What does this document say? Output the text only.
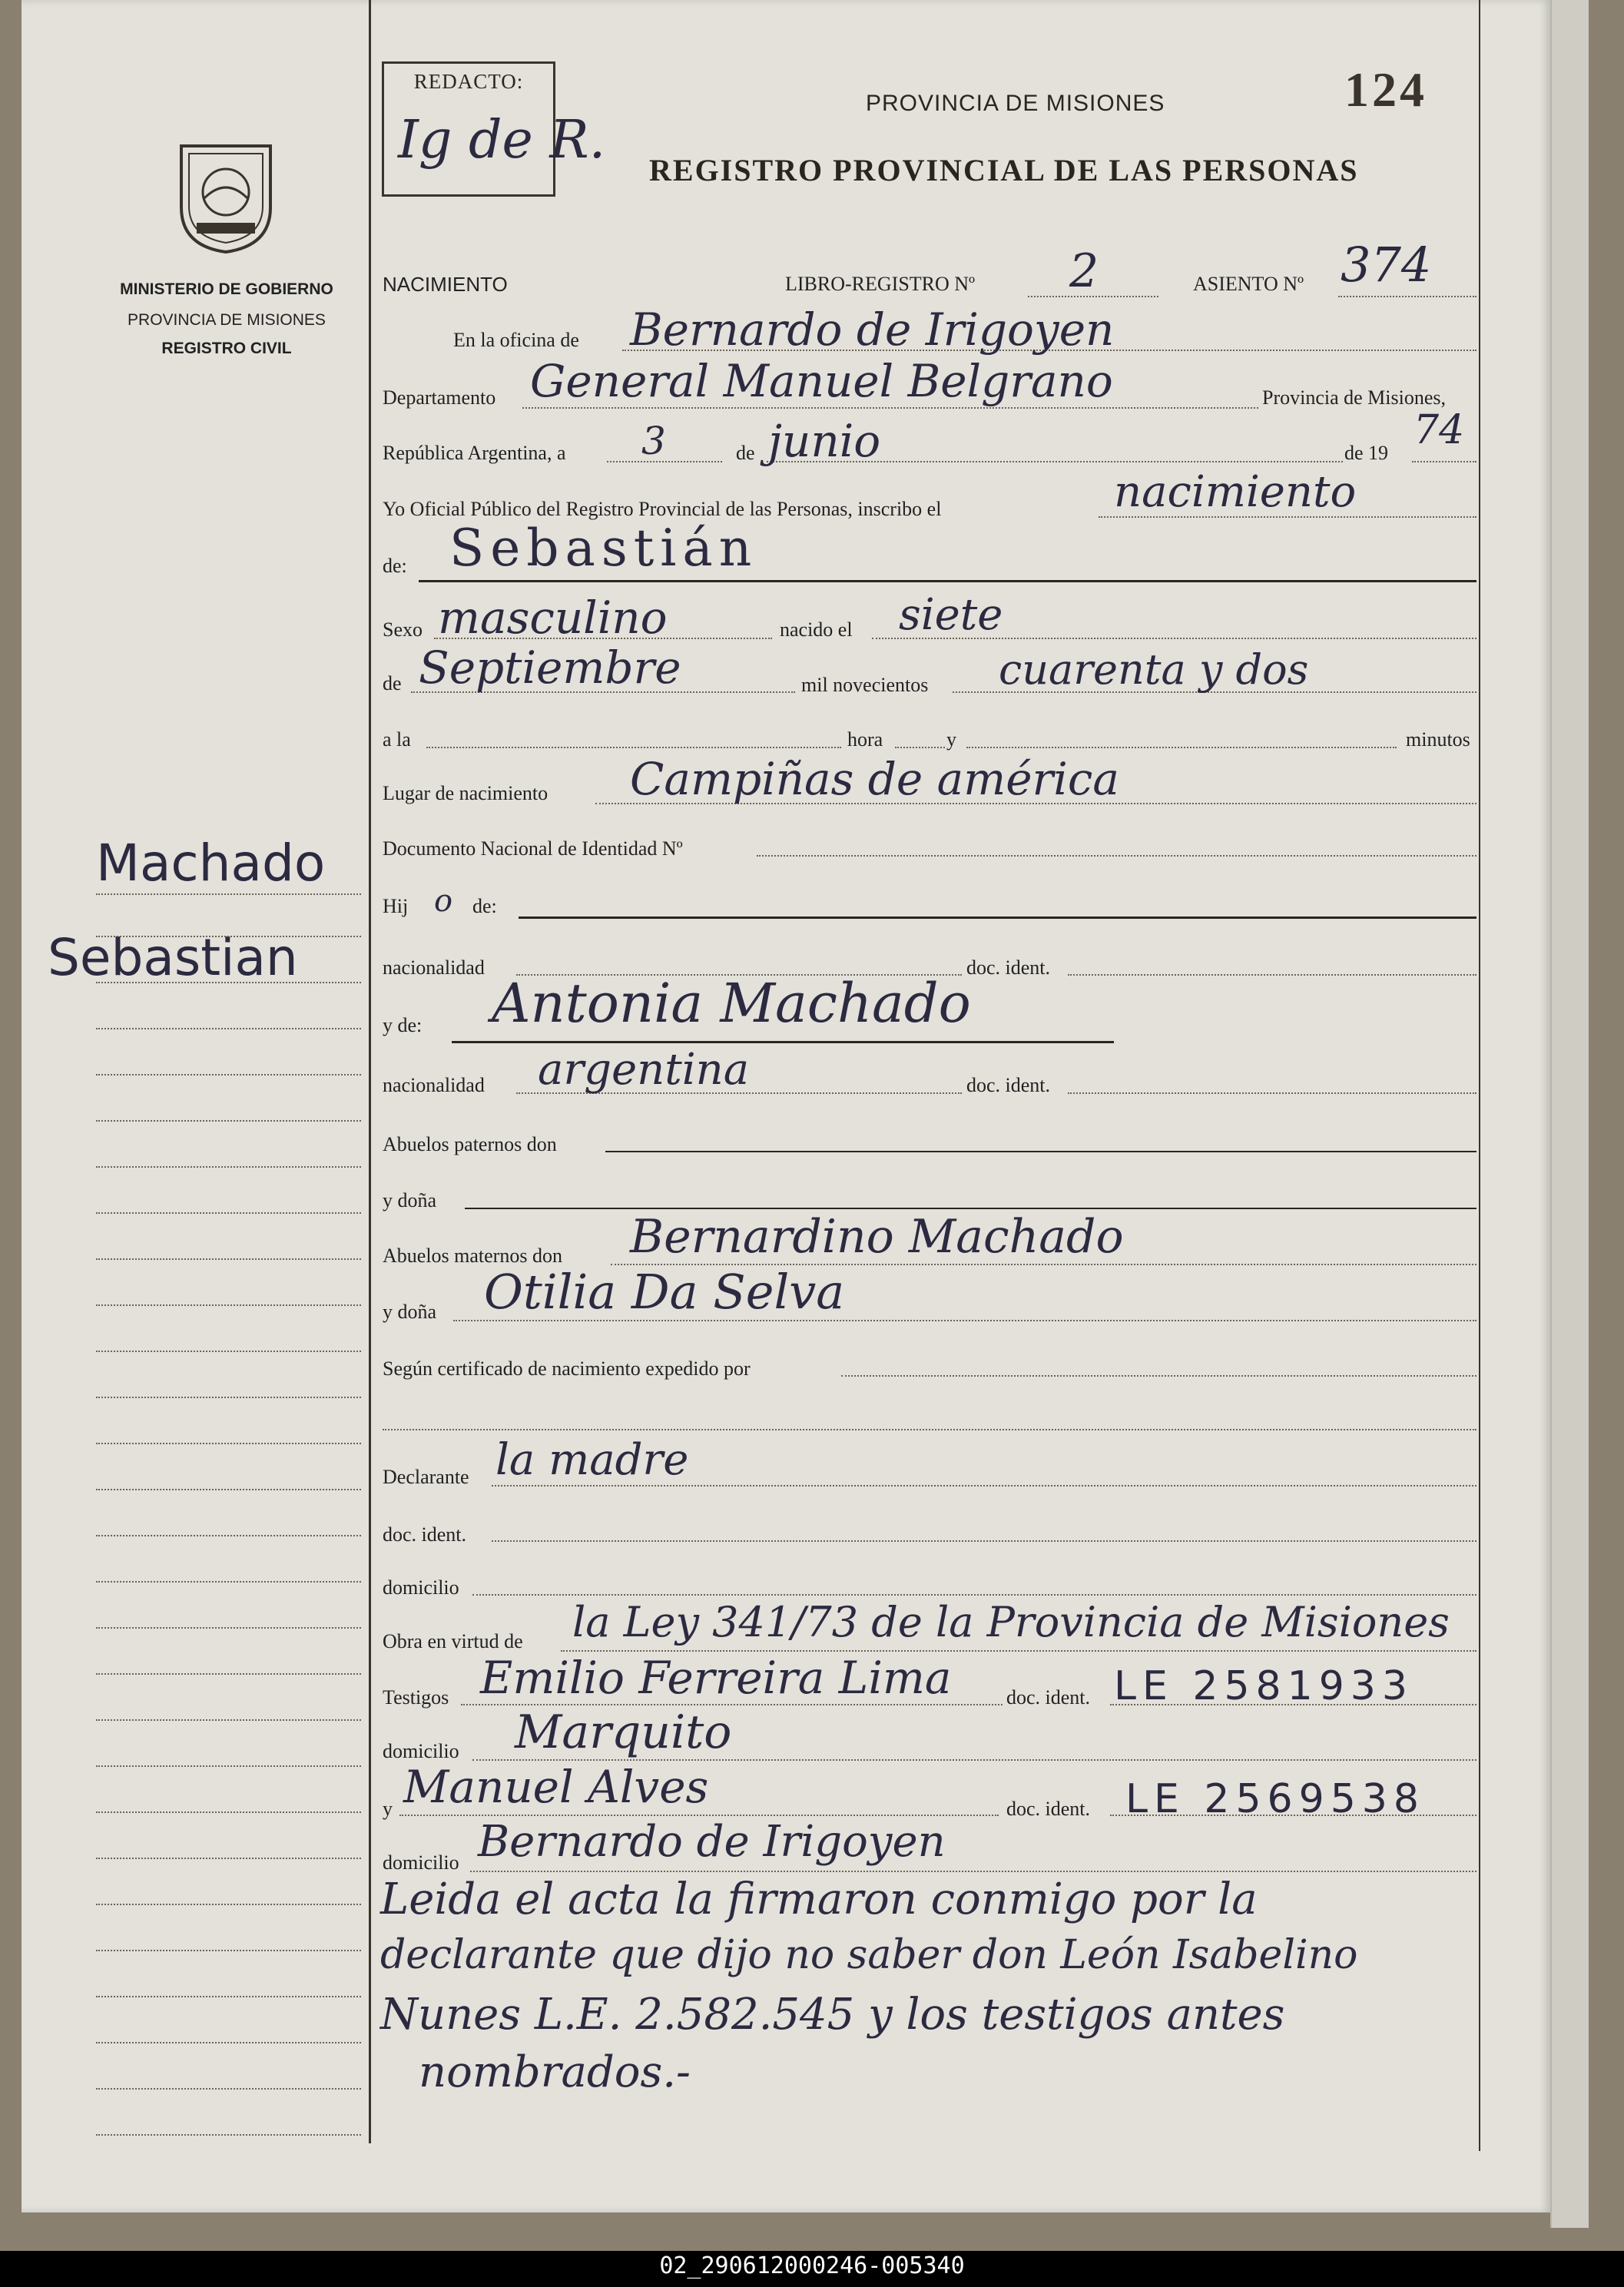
MINISTERIO DE GOBIERNO
PROVINCIA DE MISIONES
REGISTRO CIVIL
Machado
Sebastian
REDACTO:
Ig de R.
124
PROVINCIA DE MISIONES
REGISTRO PROVINCIAL DE LAS PERSONAS
NACIMIENTO	LIBRO-REGISTRO Nº 2	ASIENTO Nº 374
En la oficina de Bernardo de Irigoyen
Departamento General Manuel Belgrano	Provincia de Misiones,
República Argentina, a 3	de junio	de 19 74
Yo Oficial Público del Registro Provincial de las Personas, inscribo el	nacimiento
de: Sebastián
Sexo masculino	nacido el siete
de Septiembre	mil novecientos cuarenta y dos
a la	hora	y	minutos
Lugar de nacimiento Campiñas de américa
Documento Nacional de Identidad Nº
Hij o de:
nacionalidad	doc. ident.
y de: Antonia Machado
nacionalidad argentina	doc. ident.
Abuelos paternos don
y doña
Abuelos maternos don Bernardino Machado
y doña Otilia Da Selva
Según certificado de nacimiento expedido por
Declarante la madre
doc. ident.
domicilio
Obra en virtud de la Ley 341/73 de la Provincia de Misiones
Testigos Emilio Ferreira Lima	doc. ident. LE 2581933
domicilio Marquito
y Manuel Alves	doc. ident. LE 2569538
domicilio Bernardo de Irigoyen
Leida el acta la firmaron conmigo por la
declarante que dijo no saber don León Isabelino
Nunes L.E. 2.582.545 y los testigos antes
nombrados.-
02_290612000246-005340
